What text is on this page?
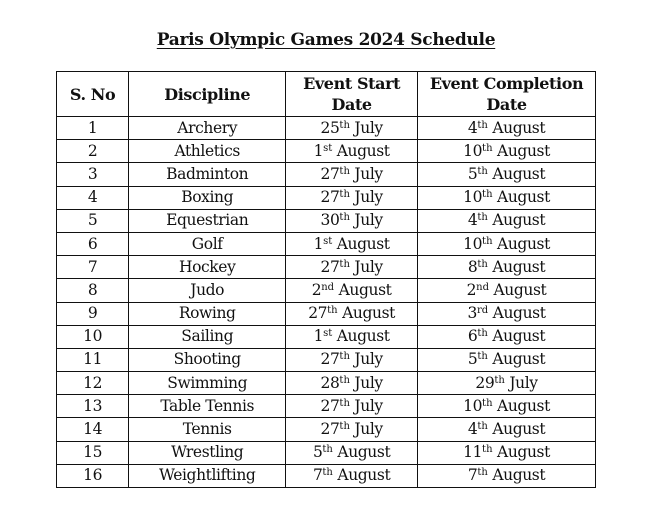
Paris Olympic Games 2024 Schedule
S. No	Discipline	Event Start Date	Event Completion Date
1	Archery	25th July	4th August
2	Athletics	1st August	10th August
3	Badminton	27th July	5th August
4	Boxing	27th July	10th August
5	Equestrian	30th July	4th August
6	Golf	1st August	10th August
7	Hockey	27th July	8th August
8	Judo	2nd August	2nd August
9	Rowing	27th August	3rd August
10	Sailing	1st August	6th August
11	Shooting	27th July	5th August
12	Swimming	28th July	29th July
13	Table Tennis	27th July	10th August
14	Tennis	27th July	4th August
15	Wrestling	5th August	11th August
16	Weightlifting	7th August	7th August
